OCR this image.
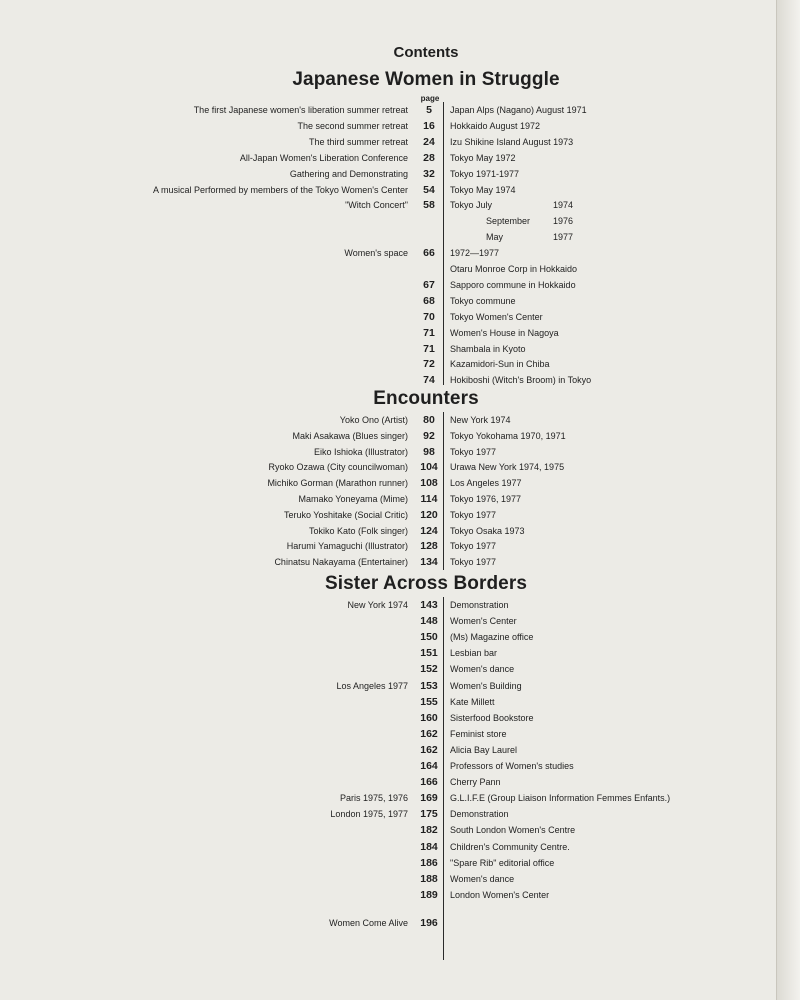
Contents
Japanese Women in Struggle
page
Encounters
Sister Across Borders
The first Japanese women's liberation summer retreat	5	Japan Alps (Nagano) August 1971
The second summer retreat	16	Hokkaido August 1972
The third summer retreat	24	Izu Shikine Island August 1973
All-Japan Women's Liberation Conference	28	Tokyo May 1972
Gathering and Demonstrating	32	Tokyo 1971-1977
A musical Performed by members of the Tokyo Women's Center	54	Tokyo May 1974
"Witch Concert"	58	Tokyo July	1974
September	1976
May	1977
Women's space	66	1972—1977
Otaru Monroe Corp in Hokkaido
67	Sapporo commune in Hokkaido
68	Tokyo commune
70	Tokyo Women's Center
71	Women's House in Nagoya
71	Shambala in Kyoto
72	Kazamidori-Sun in Chiba
74	Hokiboshi (Witch's Broom) in Tokyo
Yoko Ono (Artist)	80	New York 1974
Maki Asakawa (Blues singer)	92	Tokyo Yokohama 1970, 1971
Eiko Ishioka (Illustrator)	98	Tokyo 1977
Ryoko Ozawa (City councilwoman)	104	Urawa New York 1974, 1975
Michiko Gorman (Marathon runner)	108	Los Angeles 1977
Mamako Yoneyama (Mime)	114	Tokyo 1976, 1977
Teruko Yoshitake (Social Critic)	120	Tokyo 1977
Tokiko Kato (Folk singer)	124	Tokyo Osaka 1973
Harumi Yamaguchi (Illustrator)	128	Tokyo 1977
Chinatsu Nakayama (Entertainer)	134	Tokyo 1977
New York 1974	143	Demonstration
148	Women's Center
150	(Ms) Magazine office
151	Lesbian bar
152	Women's dance
Los Angeles 1977	153	Women's Building
155	Kate Millett
160	Sisterfood Bookstore
162	Feminist store
162	Alicia Bay Laurel
164	Professors of Women's studies
166	Cherry Pann
Paris 1975, 1976	169	G.L.I.F.E (Group Liaison Information Femmes Enfants.)
London 1975, 1977	175	Demonstration
182	South London Women's Centre
184	Children's Community Centre.
186	"Spare Rib" editorial office
188	Women's dance
189	London Women's Center
Women Come Alive	196
